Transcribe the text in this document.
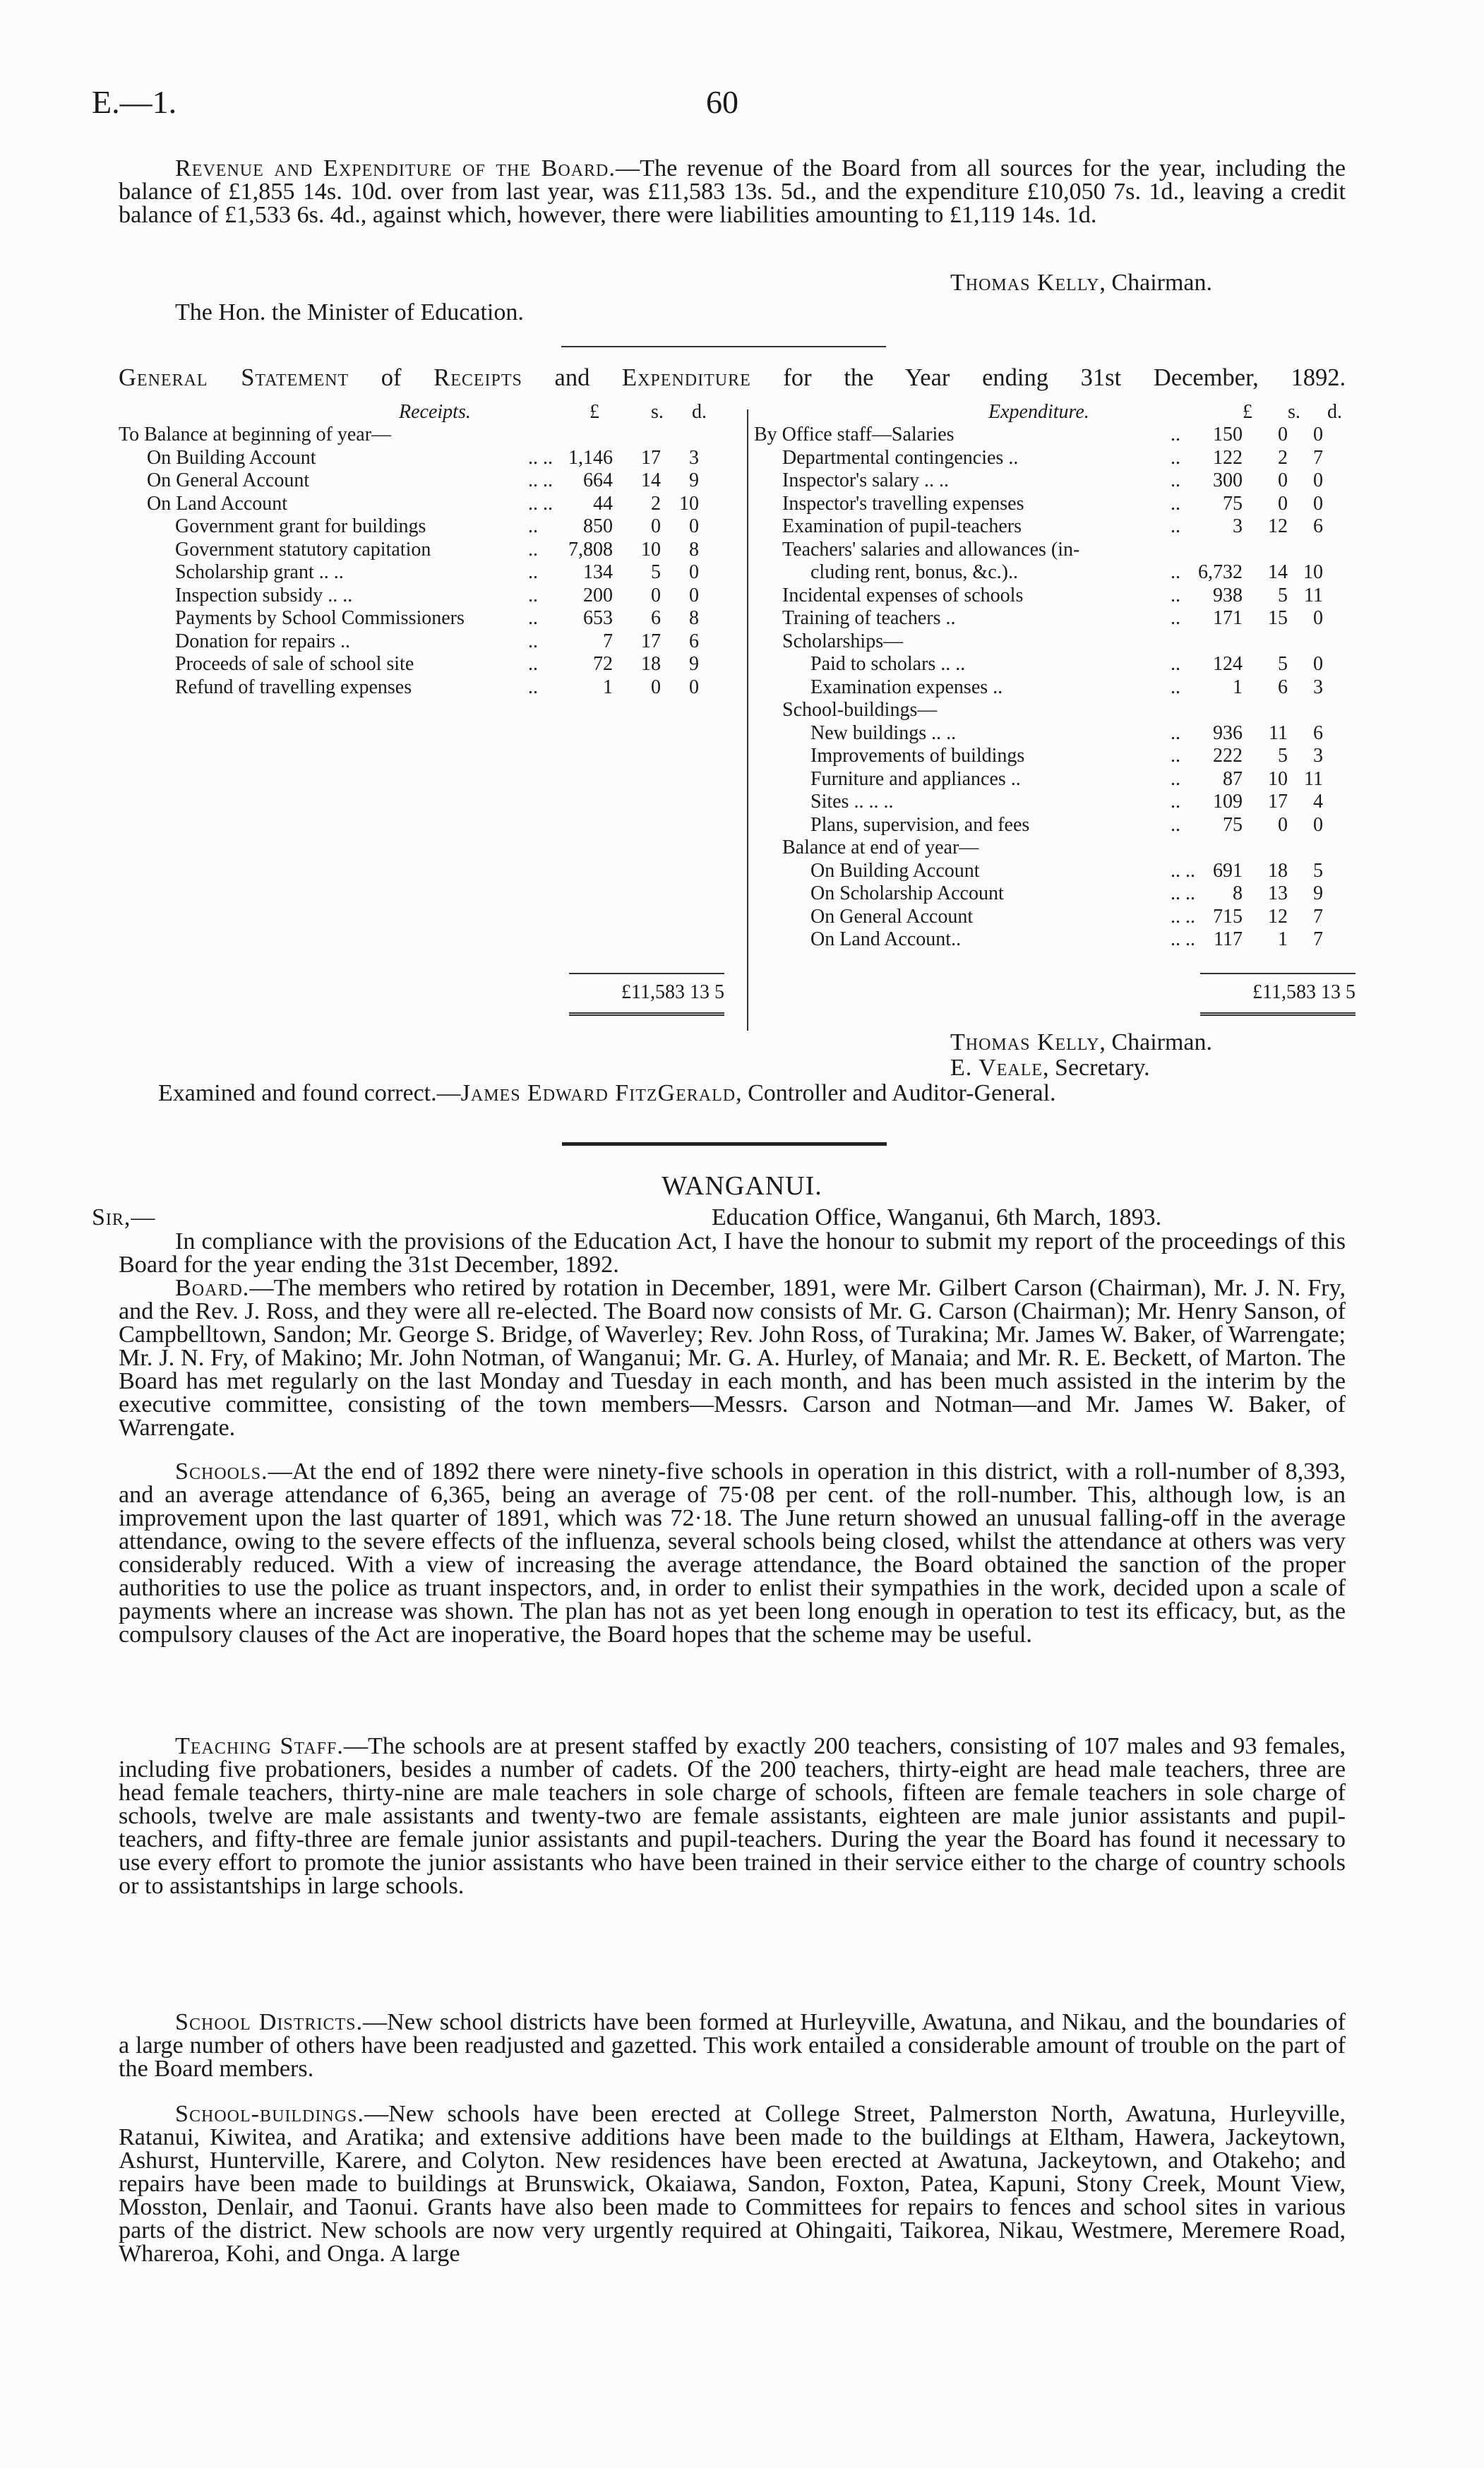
E.—1.	60
Revenue and Expenditure of the Board.—The revenue of the Board from all sources for the year, including the balance of £1,855 14s. 10d. over from last year, was £11,583 13s. 5d., and the expenditure £10,050 7s. 1d., leaving a credit balance of £1,533 6s. 4d., against which, however, there were liabilities amounting to £1,119 14s. 1d.
Thomas Kelly, Chairman.
The Hon. the Minister of Education.
General Statement of Receipts and Expenditure for the Year ending 31st December, 1892.
Receipts.	£	s. d.	Expenditure.	£ s. d.
To Balance at beginning of year—
On Building Account	.. .. 1,146 17 3
On General Account	.. .. 664 14 9
On Land Account	.. .. 44 2 10
Government grant for buildings	.. 850 0 0
Government statutory capitation	.. 7,808 10 8
Scholarship grant .. ..	.. 134 5 0
Inspection subsidy .. ..	.. 200 0 0
Payments by School Commissioners	.. 653 6 8
Donation for repairs ..	..	7 17 6
Proceeds of sale of school site	..	72 18 9
Refund of travelling expenses	..	1 0 0
By Office staff—Salaries	.. 150 0 0
Departmental contingencies ..	.. 122 2 7
Inspector's salary .. ..	.. 300 0 0
Inspector's travelling expenses	.. 75 0 0
Examination of pupil-teachers	..	3 12 6
Teachers' salaries and allowances (in-
cluding rent, bonus, &c.)..	.. 6,732 14 10
Incidental expenses of schools	.. 938 5 11
Training of teachers ..	.. 171 15 0
Scholarships—
Paid to scholars .. ..	.. 124 5 0
Examination expenses ..	..	1 6 3
School-buildings—
New buildings .. ..	.. 936 11 6
Improvements of buildings	.. 222 5 3
Furniture and appliances ..	.. 87 10 11
Sites .. .. ..	.. 109 17 4
Plans, supervision, and fees	.. 75 0 0
Balance at end of year—
On Building Account	.. .. 691 18 5
On Scholarship Account	.. .. 8 13 9
On General Account	.. .. 715 12 7
On Land Account..	.. .. 117 1 7
£11,583 13 5	£11,583 13 5
Thomas Kelly, Chairman.
E. Veale, Secretary.
Examined and found correct.—James Edward FitzGerald, Controller and Auditor-General.
WANGANUI.
Sir,—	Education Office, Wanganui, 6th March, 1893.
In compliance with the provisions of the Education Act, I have the honour to submit my report of the proceedings of this Board for the year ending the 31st December, 1892.
Board.—The members who retired by rotation in December, 1891, were Mr. Gilbert Carson (Chairman), Mr. J. N. Fry, and the Rev. J. Ross, and they were all re-elected. The Board now consists of Mr. G. Carson (Chairman); Mr. Henry Sanson, of Campbelltown, Sandon; Mr. George S. Bridge, of Waverley; Rev. John Ross, of Turakina; Mr. James W. Baker, of Warrengate; Mr. J. N. Fry, of Makino; Mr. John Notman, of Wanganui; Mr. G. A. Hurley, of Manaia; and Mr. R. E. Beckett, of Marton. The Board has met regularly on the last Monday and Tuesday in each month, and has been much assisted in the interim by the executive committee, consisting of the town members—Messrs. Carson and Notman—and Mr. James W. Baker, of Warrengate.
Schools.—At the end of 1892 there were ninety-five schools in operation in this district, with a roll-number of 8,393, and an average attendance of 6,365, being an average of 75·08 per cent. of the roll-number. This, although low, is an improvement upon the last quarter of 1891, which was 72·18. The June return showed an unusual falling-off in the average attendance, owing to the severe effects of the influenza, several schools being closed, whilst the attendance at others was very considerably reduced. With a view of increasing the average attendance, the Board obtained the sanction of the proper authorities to use the police as truant inspectors, and, in order to enlist their sympathies in the work, decided upon a scale of payments where an increase was shown. The plan has not as yet been long enough in operation to test its efficacy, but, as the compulsory clauses of the Act are inoperative, the Board hopes that the scheme may be useful.
Teaching Staff.—The schools are at present staffed by exactly 200 teachers, consisting of 107 males and 93 females, including five probationers, besides a number of cadets. Of the 200 teachers, thirty-eight are head male teachers, three are head female teachers, thirty-nine are male teachers in sole charge of schools, fifteen are female teachers in sole charge of schools, twelve are male assistants and twenty-two are female assistants, eighteen are male junior assistants and pupil-teachers, and fifty-three are female junior assistants and pupil-teachers. During the year the Board has found it necessary to use every effort to promote the junior assistants who have been trained in their service either to the charge of country schools or to assistantships in large schools.
School Districts.—New school districts have been formed at Hurleyville, Awatuna, and Nikau, and the boundaries of a large number of others have been readjusted and gazetted. This work entailed a considerable amount of trouble on the part of the Board members.
School-buildings.—New schools have been erected at College Street, Palmerston North, Awatuna, Hurleyville, Ratanui, Kiwitea, and Aratika; and extensive additions have been made to the buildings at Eltham, Hawera, Jackeytown, Ashurst, Hunterville, Karere, and Colyton. New residences have been erected at Awatuna, Jackeytown, and Otakeho; and repairs have been made to buildings at Brunswick, Okaiawa, Sandon, Foxton, Patea, Kapuni, Stony Creek, Mount View, Mosston, Denlair, and Taonui. Grants have also been made to Committees for repairs to fences and school sites in various parts of the district. New schools are now very urgently required at Ohingaiti, Taikorea, Nikau, Westmere, Meremere Road, Whareroa, Kohi, and Onga. A large
